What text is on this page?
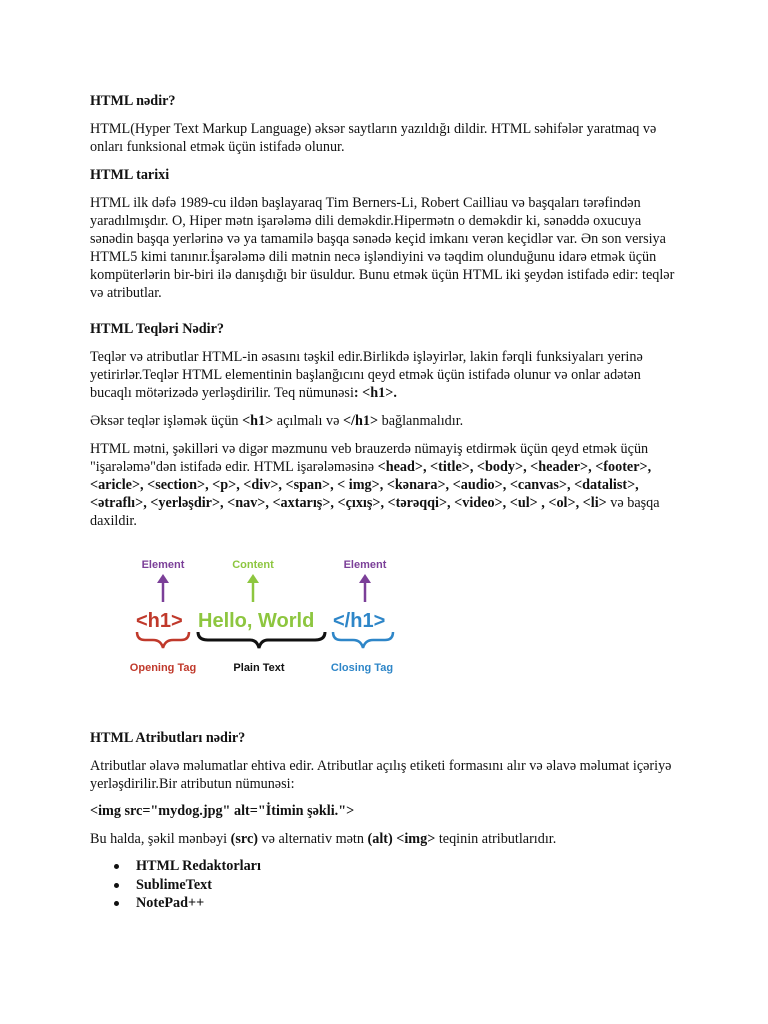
HTML nədir?

HTML(Hyper Text Markup Language) əksər saytların yazıldığı dildir. HTML səhifələr yaratmaq və onları funksional etmək üçün istifadə olunur.

HTML tarixi

HTML ilk dəfə 1989-cu ildən başlayaraq Tim Berners-Li, Robert Cailliau və başqaları tərəfindən yaradılmışdır. O, Hiper mətn işarələmə dili deməkdir.Hipermətn o deməkdir ki, sənəddə oxucuya sənədin başqa yerlərinə və ya tamamilə başqa sənədə keçid imkanı verən keçidlər var. Ən son versiya HTML5 kimi tanınır.İşarələmə dili mətnin necə işləndiyini və təqdim olunduğunu idarə etmək üçün kompüterlərin bir-biri ilə danışdığı bir üsuldur. Bunu etmək üçün HTML iki şeydən istifadə edir: teqlər və atributlar.

HTML Teqləri Nədir?

Teqlər və atributlar HTML-in əsasını təşkil edir.Birlikdə işləyirlər, lakin fərqli funksiyaları yerinə yetirirlər.Teqlər HTML elementinin başlanğıcını qeyd etmək üçün istifadə olunur və onlar adətən bucaqlı mötərizədə yerləşdirilir. Teq nümunəsi: <h1>.

Əksər teqlər işləmək üçün <h1> açılmalı və </h1> bağlanmalıdır.

HTML mətni, şəkilləri və digər məzmunu veb brauzerdə nümayiş etdirmək üçün qeyd etmək üçün "işarələmə"dən istifadə edir. HTML işarələməsinə <head>, <title>, <body>, <header>, <footer>, <aricle>, <section>, <p>, <div>, <span>, < img>, <kənara>, <audio>, <canvas>, <datalist>, <ətraflı>, <yerləşdir>, <nav>, <axtarış>, <çıxış>, <tərəqqi>, <video>, <ul> , <ol>, <li> və başqa daxildir.

HTML Atributları nədir?

Atributlar əlavə məlumatlar ehtiva edir. Atributlar açılış etiketi formasını alır və əlavə məlumat içəriyə yerləşdirilir.Bir atributun nümunəsi:

<img src="mydog.jpg" alt="İtimin şəkli.">

Bu halda, şəkil mənbəyi (src) və alternativ mətn (alt) <img> teqinin atributlarıdır.

HTML Redaktorları
SublimeText
NotePad++
Element	Content	Element
<h1> Hello, World </h1>
Opening Tag	Plain Text	Closing Tag
